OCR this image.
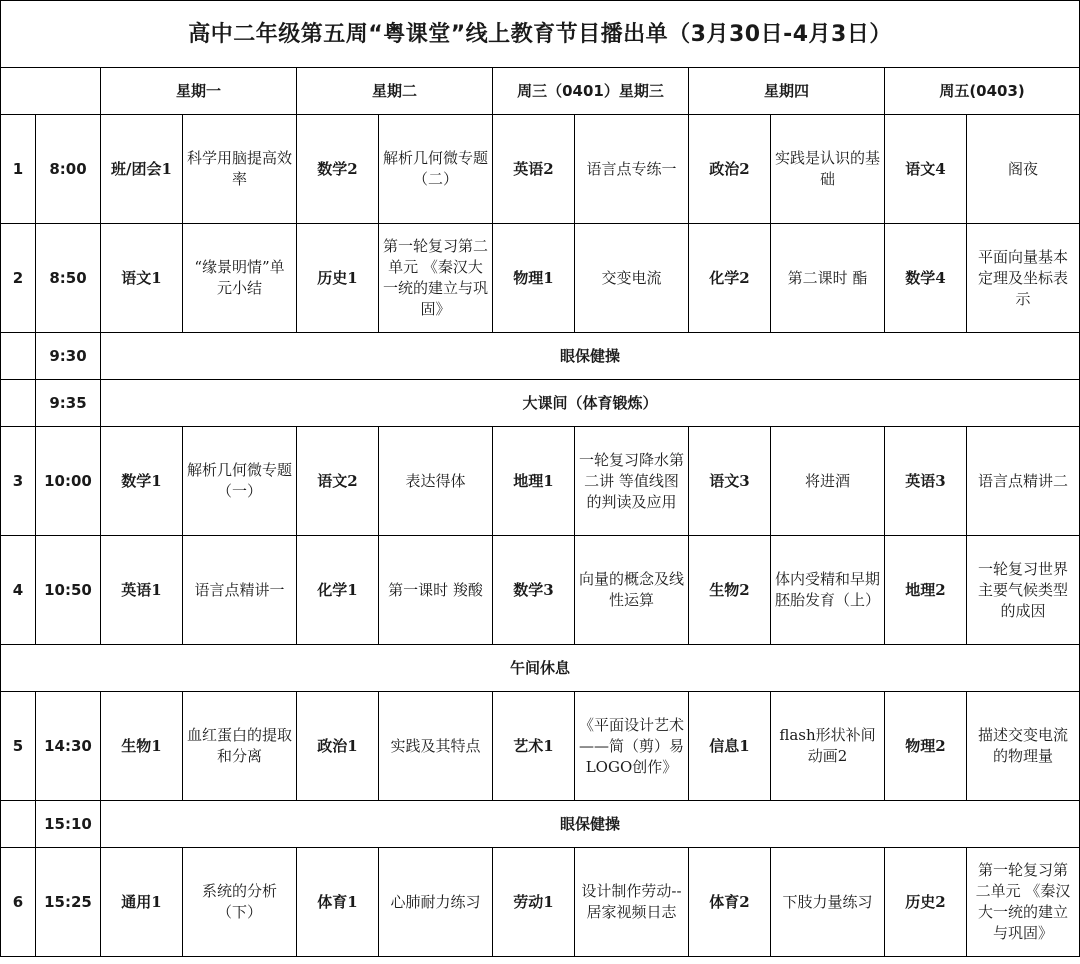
高中二年级第五周“粤课堂”线上教育节目播出单（3月30日-4月3日）											
		星期一		星期二		周三（0401）星期三		星期四		周五(0403)	
1	8:00	班/团会1	科学用脑提高效率	数学2	解析几何微专题（二）	英语2	语言点专练一	政治2	实践是认识的基础	语文4	阁夜
2	8:50	语文1	“缘景明情”单元小结	历史1	第一轮复习第二单元 《秦汉大一统的建立与巩固》	物理1	交变电流	化学2	第二课时 酯	数学4	平面向量基本定理及坐标表示
	9:30	眼保健操									
	9:35	大课间（体育锻炼）									
3	10:00	数学1	解析几何微专题（一）	语文2	表达得体	地理1	一轮复习降水第二讲 等值线图的判读及应用	语文3	将进酒	英语3	语言点精讲二
4	10:50	英语1	语言点精讲一	化学1	第一课时 羧酸	数学3	向量的概念及线性运算	生物2	体内受精和早期胚胎发育（上）	地理2	一轮复习世界主要气候类型的成因
午间休息											
5	14:30	生物1	血红蛋白的提取和分离	政治1	实践及其特点	艺术1	《平面设计艺术——简（剪）易LOGO创作》	信息1	flash形状补间动画2	物理2	描述交变电流的物理量
	15:10	眼保健操									
6	15:25	通用1	系统的分析（下）	体育1	心肺耐力练习	劳动1	设计制作劳动--居家视频日志	体育2	下肢力量练习	历史2	第一轮复习第二单元 《秦汉大一统的建立与巩固》
